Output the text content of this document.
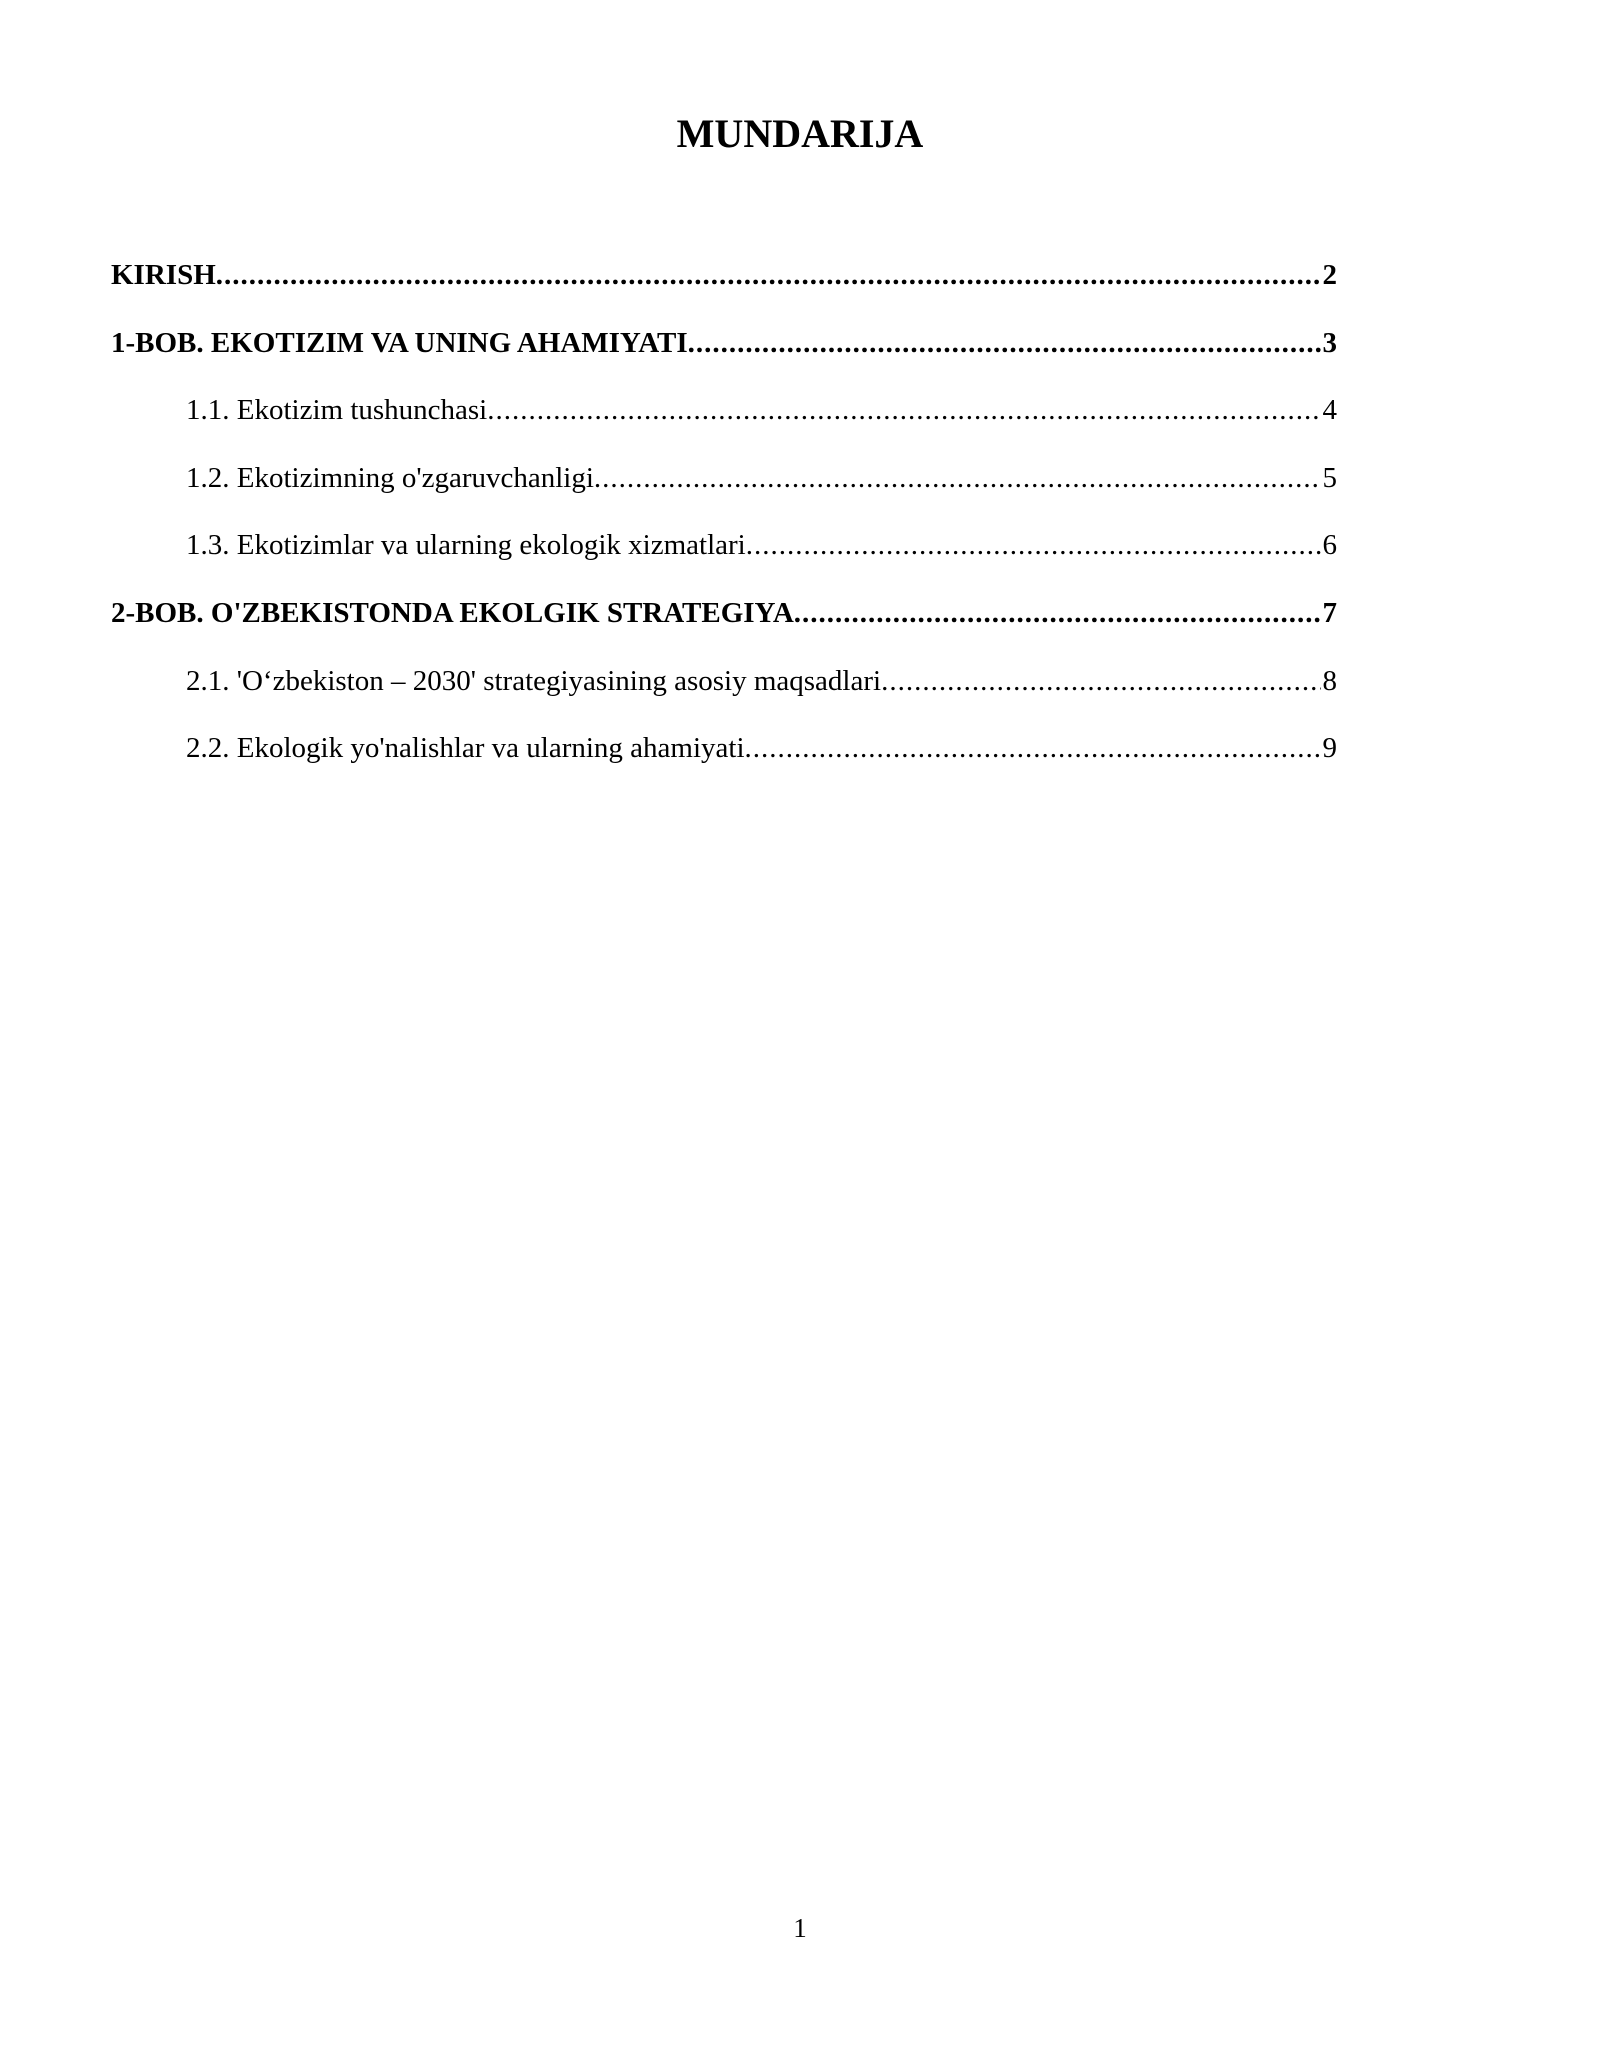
MUNDARIJA
KIRISH .....	2
1-BOB. EKOTIZIM VA UNING AHAMIYATI .....	3
1.1. Ekotizim tushunchasi .....	4
1.2. Ekotizimning o'zgaruvchanligi .....	5
1.3. Ekotizimlar va ularning ekologik xizmatlari .....	6
2-BOB. O'ZBEKISTONDA EKOLGIK STRATEGIYA .....	7
2.1. 'O‘zbekiston – 2030' strategiyasining asosiy maqsadlari .....	8
2.2. Ekologik yo'nalishlar va ularning ahamiyati .....	9
1
